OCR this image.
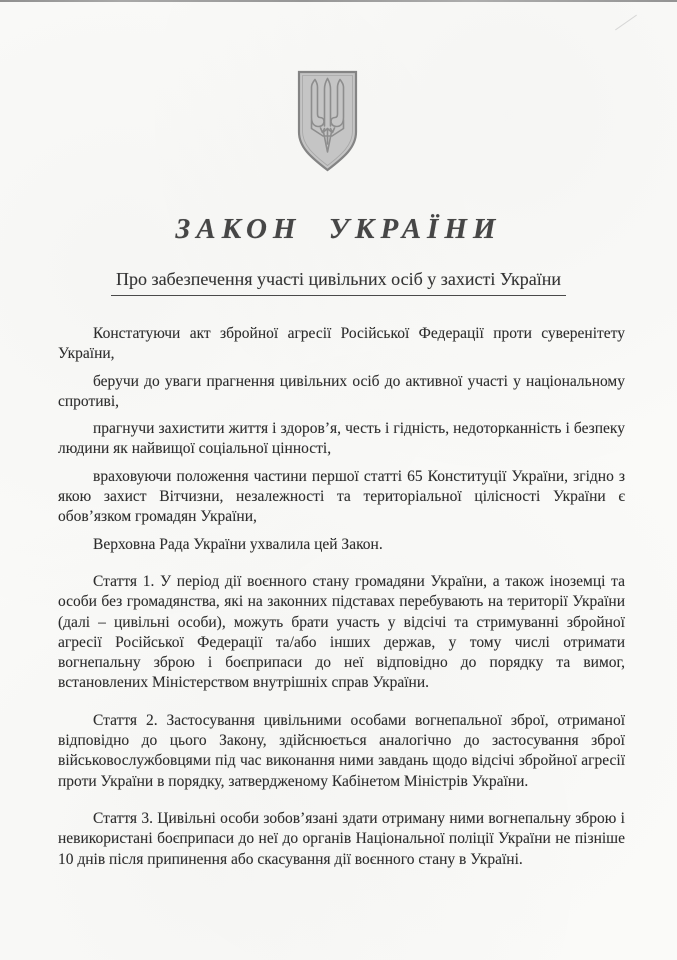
ЗАКОН УКРАЇНИ
Про забезпечення участі цивільних осіб у захисті України

Констатуючи акт збройної агресії Російської Федерації проти суверенітету України,

беручи до уваги прагнення цивільних осіб до активної участі у національному спротиві,

прагнучи захистити життя і здоров’я, честь і гідність, недоторканність і безпеку людини як найвищої соціальної цінності,

враховуючи положення частини першої статті 65 Конституції України, згідно з якою захист Вітчизни, незалежності та територіальної цілісності України є обов’язком громадян України,

Верховна Рада України ухвалила цей Закон.

Стаття 1. У період дії воєнного стану громадяни України, а також іноземці та особи без громадянства, які на законних підставах перебувають на території України (далі – цивільні особи), можуть брати участь у відсічі та стримуванні збройної агресії Російської Федерації та/або інших держав, у тому числі отримати вогнепальну зброю і боєприпаси до неї відповідно до порядку та вимог, встановлених Міністерством внутрішніх справ України.

Стаття 2. Застосування цивільними особами вогнепальної зброї, отриманої відповідно до цього Закону, здійснюється аналогічно до застосування зброї військовослужбовцями під час виконання ними завдань щодо відсічі збройної агресії проти України в порядку, затвердженому Кабінетом Міністрів України.

Стаття 3. Цивільні особи зобов’язані здати отриману ними вогнепальну зброю і невикористані боєприпаси до неї до органів Національної поліції України не пізніше 10 днів після припинення або скасування дії воєнного стану в Україні.
